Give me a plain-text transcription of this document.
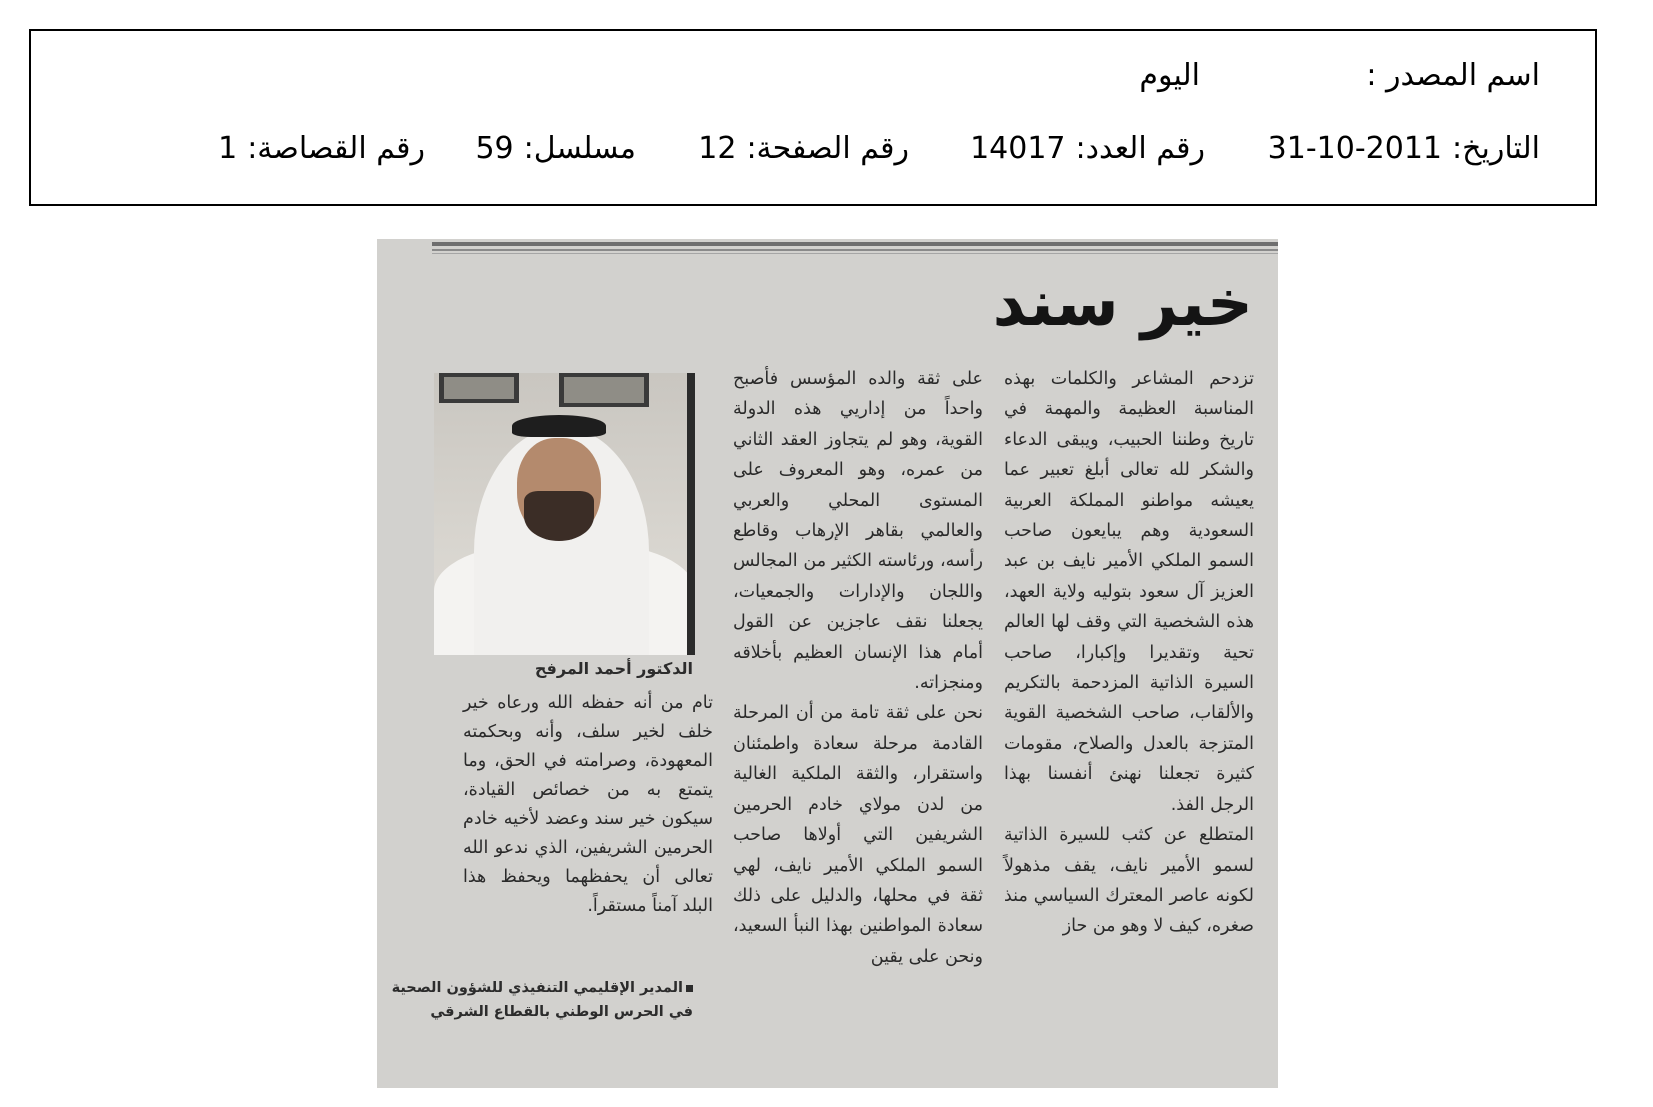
اسم المصدر :
اليوم
التاريخ:31-10-2011
رقم العدد:14017
رقم الصفحة:12
مسلسل:59
رقم القصاصة:1
خير سند

تزدحم المشاعر والكلمات بهذه المناسبة العظيمة والمهمة في تاريخ وطننا الحبيب، ويبقى الدعاء والشكر لله تعالى أبلغ تعبير عما يعيشه مواطنو المملكة العربية السعودية وهم يبايعون صاحب السمو الملكي الأمير نايف بن عبد العزيز آل سعود بتوليه ولاية العهد، هذه الشخصية التي وقف لها العالم تحية وتقديرا وإكبارا، صاحب السيرة الذاتية المزدحمة بالتكريم والألقاب، صاحب الشخصية القوية المتزجة بالعدل والصلاح، مقومات كثيرة تجعلنا نهنئ أنفسنا بهذا الرجل الفذ.

المتطلع عن كثب للسيرة الذاتية لسمو الأمير نايف، يقف مذهولاً لكونه عاصر المعترك السياسي منذ صغره، كيف لا وهو من حاز

على ثقة والده المؤسس فأصبح واحداً من إداريي هذه الدولة القوية، وهو لم يتجاوز العقد الثاني من عمره، وهو المعروف على المستوى المحلي والعربي والعالمي بقاهر الإرهاب وقاطع رأسه، ورئاسته الكثير من المجالس واللجان والإدارات والجمعيات، يجعلنا نقف عاجزين عن القول أمام هذا الإنسان العظيم بأخلاقه ومنجزاته.

نحن على ثقة تامة من أن المرحلة القادمة مرحلة سعادة واطمئنان واستقرار، والثقة الملكية الغالية من لدن مولاي خادم الحرمين الشريفين التي أولاها صاحب السمو الملكي الأمير نايف، لهي ثقة في محلها، والدليل على ذلك سعادة المواطنين بهذا النبأ السعيد، ونحن على يقين

الدكتور أحمد المرفح

تام من أنه حفظه الله ورعاه خير خلف لخير سلف، وأنه وبحكمته المعهودة، وصرامته في الحق، وما يتمتع به من خصائص القيادة، سيكون خير سند وعضد لأخيه خادم الحرمين الشريفين، الذي ندعو الله تعالى أن يحفظهما ويحفظ هذا البلد آمناً مستقراً.

المدير الإقليمي التنفيذي للشؤون الصحية

في الحرس الوطني بالقطاع الشرقي
